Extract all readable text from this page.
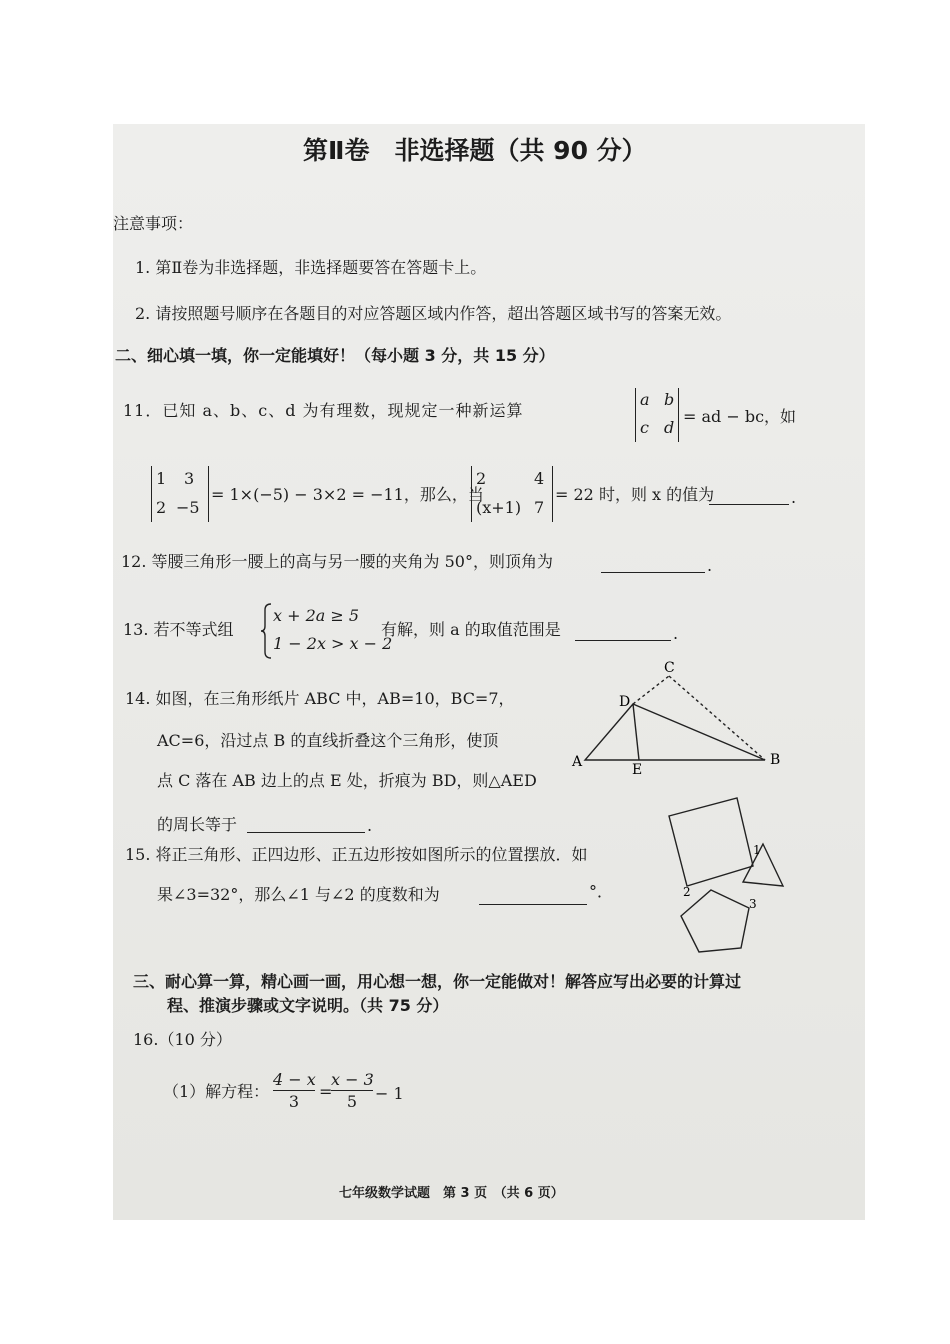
第Ⅱ卷　非选择题（共 90 分）
注意事项：
1. 第Ⅱ卷为非选择题，非选择题要答在答题卡上。
2. 请按照题号顺序在各题目的对应答题区域内作答，超出答题区域书写的答案无效。
二、细心填一填，你一定能填好！（每小题 3 分，共 15 分）
11．已知 a、b、c、d 为有理数，现规定一种新运算
a b
c d
= ad − bc，如
1 3
2 −5
= 1×(−5) − 3×2 = −11，那么，当
2	4
(x+1) 7
= 22 时，则 x 的值为	.
12. 等腰三角形一腰上的高与另一腰的夹角为 50°，则顶角为	.
13. 若不等式组
x + 2a ≥ 5
1 − 2x > x − 2
有解，则 a 的取值范围是	.
14. 如图，在三角形纸片 ABC 中，AB=10，BC=7，
AC=6，沿过点 B 的直线折叠这个三角形，使顶
点 C 落在 AB 边上的点 E 处，折痕为 BD，则△AED
的周长等于	.
A	B
C
D
E
15. 将正三角形、正四边形、正五边形按如图所示的位置摆放．如
果∠3=32°，那么∠1 与∠2 的度数和为	°．
1
2
3
三、耐心算一算，精心画一画，用心想一想，你一定能做对！解答应写出必要的计算过
程、推演步骤或文字说明。（共 75 分）
16.（10 分）
（1）解方程：
4 − x
3
=
x − 3
5	− 1
七年级数学试题　第 3 页　（共 6 页）
